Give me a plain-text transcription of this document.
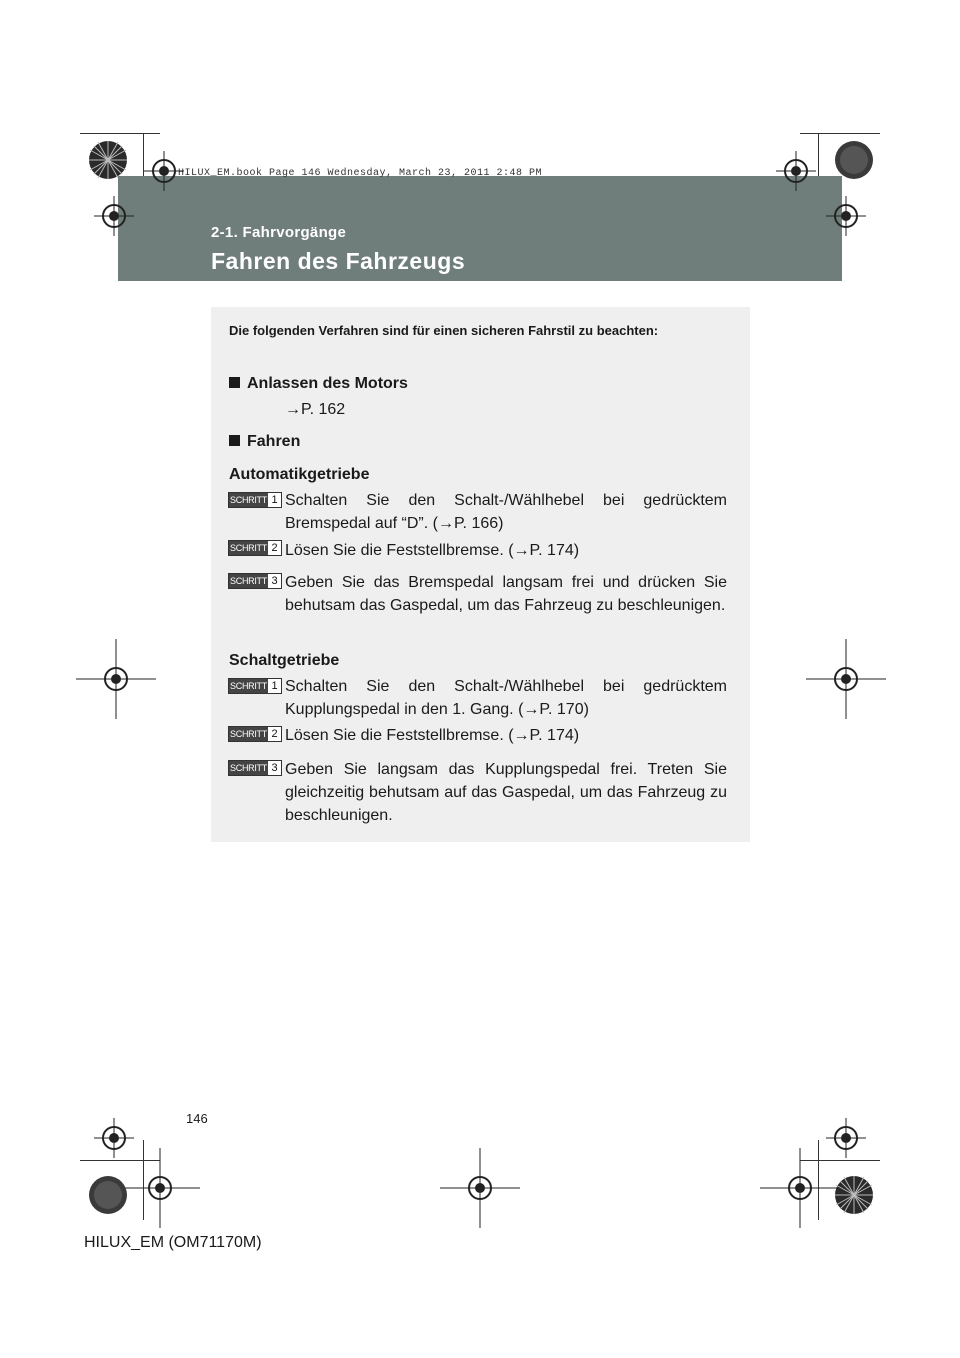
HILUX_EM.book Page 146 Wednesday, March 23, 2011 2:48 PM
2-1. Fahrvorgänge
Fahren des Fahrzeugs
Die folgenden Verfahren sind für einen sicheren Fahrstil zu beachten:
Anlassen des Motors
→P. 162
Fahren
Automatikgetriebe
SCHRITT 1 Schalten Sie den Schalt-/Wählhebel bei gedrücktem Bremspedal auf “D”. (→P. 166)
SCHRITT 2 Lösen Sie die Feststellbremse. (→P. 174)
SCHRITT 3 Geben Sie das Bremspedal langsam frei und drücken Sie behutsam das Gaspedal, um das Fahrzeug zu beschleunigen.
Schaltgetriebe
SCHRITT 1 Schalten Sie den Schalt-/Wählhebel bei gedrücktem Kupplungspedal in den 1. Gang. (→P. 170)
SCHRITT 2 Lösen Sie die Feststellbremse. (→P. 174)
SCHRITT 3 Geben Sie langsam das Kupplungspedal frei. Treten Sie gleichzeitig behutsam auf das Gaspedal, um das Fahrzeug zu beschleunigen.
146
HILUX_EM (OM71170M)
